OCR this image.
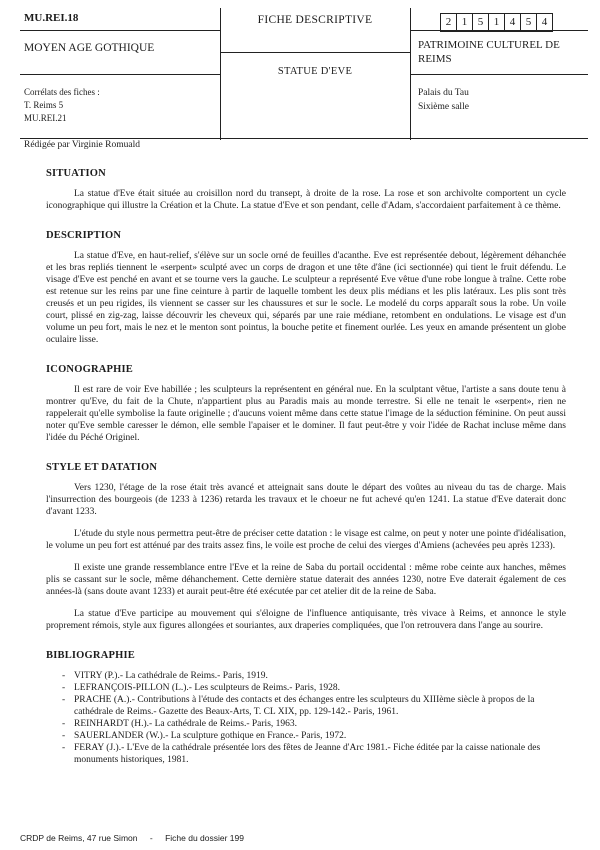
MU.REI.18
MOYEN AGE GOTHIQUE
Corrélats des fiches :
T. Reims 5
MU.REI.21
FICHE DESCRIPTIVE
STATUE D'EVE
2 1 5 1 4 5 4
PATRIMOINE CULTUREL DE
REIMS
Palais du Tau
Sixième salle
Rédigée par Virginie Romuald
SITUATION

La statue d'Eve était située au croisillon nord du transept, à droite de la rose. La rose et son archivolte comportent un cycle iconographique qui illustre la Création et la Chute. La statue d'Eve et son pendant, celle d'Adam, s'accordaient parfaitement à ce thème.

DESCRIPTION

La statue d'Eve, en haut-relief, s'élève sur un socle orné de feuilles d'acanthe. Eve est représentée debout, légèrement déhanchée et les bras repliés tiennent le «serpent» sculpté avec un corps de dragon et une tête d'âne (ici sectionnée) qui tient le fruit défendu. Le visage d'Eve est penché en avant et se tourne vers la gauche. Le sculpteur a représenté Eve vêtue d'une robe longue à traîne. Cette robe est retenue sur les reins par une fine ceinture à partir de laquelle tombent les deux plis médians et les plis latéraux. Les plis sont très creusés et un peu rigides, ils viennent se casser sur les chaussures et sur le socle. Le modelé du corps apparaît sous la robe. Un voile court, plissé en zig-zag, laisse découvrir les cheveux qui, séparés par une raie médiane, retombent en ondulations. Le visage est d'un volume un peu fort, mais le nez et le menton sont pointus, la bouche petite et finement ourlée. Les yeux en amande présentent un globe oculaire lisse.

ICONOGRAPHIE

Il est rare de voir Eve habillée ; les sculpteurs la représentent en général nue. En la sculptant vêtue, l'artiste a sans doute tenu à montrer qu'Eve, du fait de la Chute, n'appartient plus au Paradis mais au monde terrestre. Si elle ne tenait le «serpent», rien ne rappelerait qu'elle symbolise la faute originelle ; d'aucuns voient même dans cette statue l'image de la séduction féminine. On peut aussi noter qu'Eve semble caresser le démon, elle semble l'apaiser et le dominer. Il faut peut-être y voir l'idée de Rachat incluse même dans l'idée du Péché Originel.

STYLE ET DATATION

Vers 1230, l'étage de la rose était très avancé et atteignait sans doute le départ des voûtes au niveau du tas de charge. Mais l'insurrection des bourgeois (de 1233 à 1236) retarda les travaux et le choeur ne fut achevé qu'en 1241. La statue d'Eve daterait donc d'avant 1233.

L'étude du style nous permettra peut-être de préciser cette datation : le visage est calme, on peut y noter une pointe d'idéalisation, le volume un peu fort est atténué par des traits assez fins, le voile est proche de celui des vierges d'Amiens (achevées peu après 1233).

Il existe une grande ressemblance entre l'Eve et la reine de Saba du portail occidental : même robe ceinte aux hanches, mêmes plis se cassant sur le socle, même déhanchement. Cette dernière statue daterait des années 1230, notre Eve daterait également de ces années-là (sans doute avant 1233) et aurait peut-être été exécutée par cet atelier dit de la reine de Saba.

La statue d'Eve participe au mouvement qui s'éloigne de l'influence antiquisante, très vivace à Reims, et annonce le style proprement rémois, style aux figures allongées et souriantes, aux draperies compliquées, que l'on retrouvera dans l'ange au sourire.

BIBLIOGRAPHIE
- VITRY (P.).- La cathédrale de Reims.- Paris, 1919.
- LEFRANÇOIS-PILLON (L.).- Les sculpteurs de Reims.- Paris, 1928.
- PRACHE (A.).- Contributions à l'étude des contacts et des échanges entre les sculpteurs du XIIIème siècle à propos de la cathédrale de Reims.- Gazette des Beaux-Arts, T. CL XIX, pp. 129-142.- Paris, 1961.
- REINHARDT (H.).- La cathédrale de Reims.- Paris, 1963.
- SAUERLANDER (W.).- La sculpture gothique en France.- Paris, 1972.
- FERAY (J.).- L'Eve de la cathédrale présentée lors des fêtes de Jeanne d'Arc 1981.- Fiche éditée par la caisse nationale des monuments historiques, 1981.
CRDP de Reims, 47 rue Simon - Fiche du dossier 199
